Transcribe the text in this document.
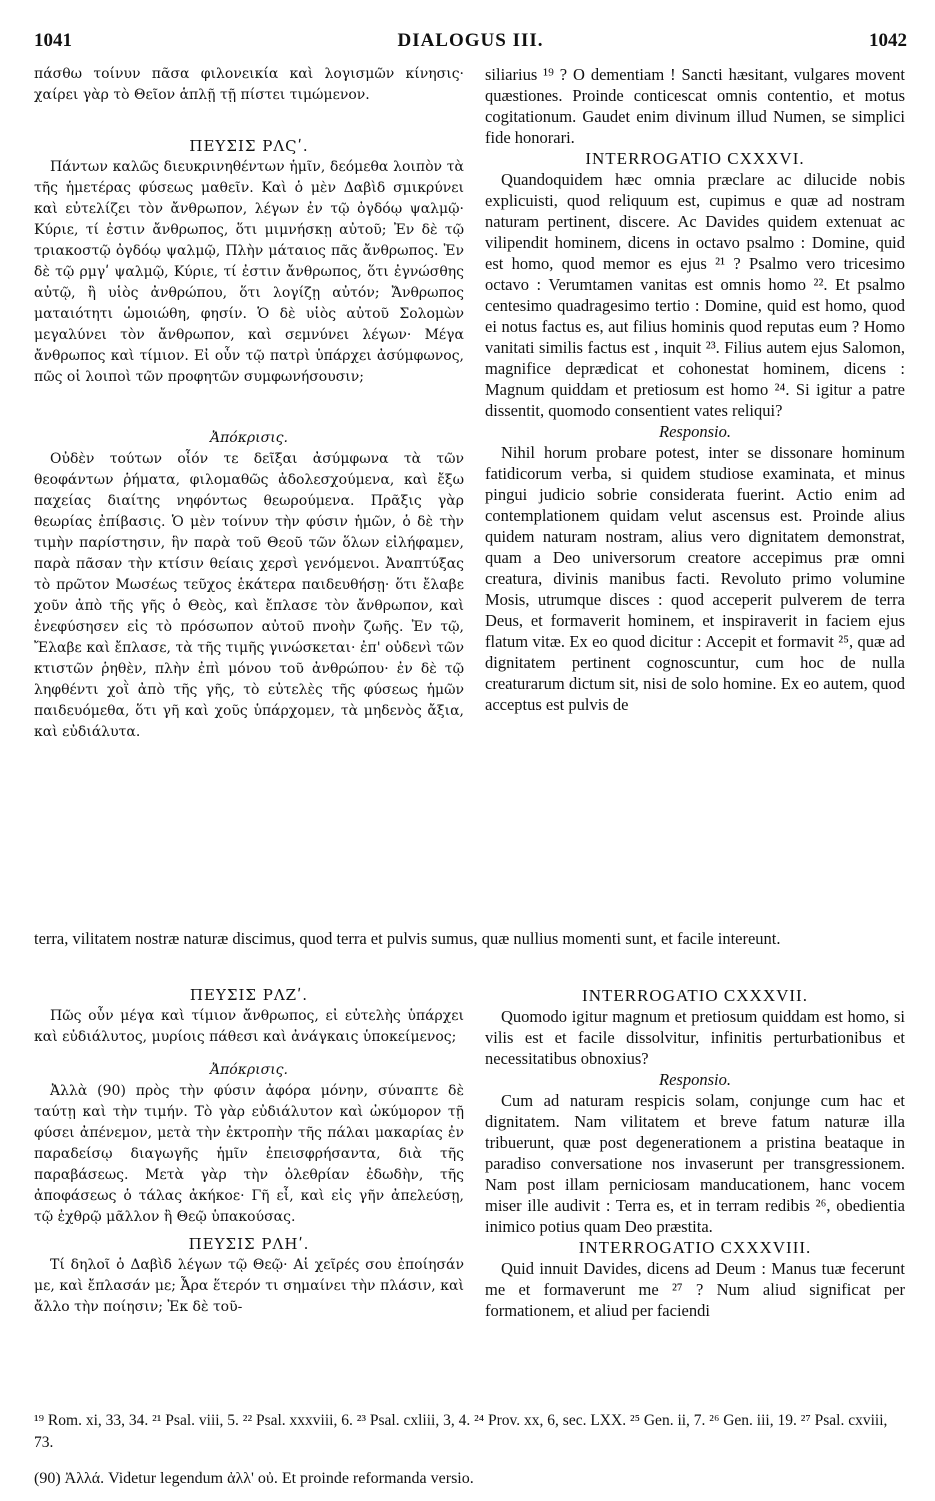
1041	DIALOGUS III.	1042

πάσθω τοίνυν πᾶσα φιλονεικία καὶ λογισμῶν κίνησις· χαίρει γὰρ τὸ Θεῖον ἁπλῇ τῇ πίστει τιμώμενον.

ΠΕΥΣΙΣ ΡΛϚʹ.

Πάντων καλῶς διευκρινηθέντων ἡμῖν, δεόμεθα λοιπὸν τὰ τῆς ἡμετέρας φύσεως μαθεῖν. Καὶ ὁ μὲν Δαβὶδ σμικρύνει καὶ εὐτελίζει τὸν ἄνθρωπον, λέγων ἐν τῷ ὀγδόῳ ψαλμῷ· Κύριε, τί ἐστιν ἄνθρωπος, ὅτι μιμνήσκῃ αὐτοῦ; Ἐν δὲ τῷ τριακοστῷ ὀγδόῳ ψαλμῷ, Πλὴν μάταιος πᾶς ἄνθρωπος. Ἐν δὲ τῷ ρμγʹ ψαλμῷ, Κύριε, τί ἐστιν ἄνθρωπος, ὅτι ἐγνώσθης αὐτῷ, ἢ υἱὸς ἀνθρώπου, ὅτι λογίζῃ αὐτόν; Ἄνθρωπος ματαιότητι ὡμοιώθη, φησίν. Ὁ δὲ υἱὸς αὐτοῦ Σολομὼν μεγαλύνει τὸν ἄνθρωπον, καὶ σεμνύνει λέγων· Μέγα ἄνθρωπος καὶ τίμιον. Εἰ οὖν τῷ πατρὶ ὑπάρχει ἀσύμφωνος, πῶς οἱ λοιποὶ τῶν προφητῶν συμφωνήσουσιν;

Ἀπόκρισις.

Οὐδὲν τούτων οἷόν τε δεῖξαι ἀσύμφωνα τὰ τῶν θεοφάντων ῥήματα, φιλομαθῶς ἀδολεσχούμενα, καὶ ἔξω παχείας διαίτης νηφόντως θεωρούμενα. Πρᾶξις γὰρ θεωρίας ἐπίβασις. Ὁ μὲν τοίνυν τὴν φύσιν ἡμῶν, ὁ δὲ τὴν τιμὴν παρίστησιν, ἣν παρὰ τοῦ Θεοῦ τῶν ὅλων εἰλήφαμεν, παρὰ πᾶσαν τὴν κτίσιν θείαις χερσὶ γενόμενοι. Ἀναπτύξας τὸ πρῶτον Μωσέως τεῦχος ἑκάτερα παιδευθήσῃ· ὅτι ἔλαβε χοῦν ἀπὸ τῆς γῆς ὁ Θεὸς, καὶ ἔπλασε τὸν ἄνθρωπον, καὶ ἐνεφύσησεν εἰς τὸ πρόσωπον αὐτοῦ πνοὴν ζωῆς. Ἐν τῷ, Ἔλαβε καὶ ἔπλασε, τὰ τῆς τιμῆς γινώσκεται· ἐπ' οὐδενὶ τῶν κτιστῶν ῥηθὲν, πλὴν ἐπὶ μόνου τοῦ ἀνθρώπου· ἐν δὲ τῷ ληφθέντι χοῒ ἀπὸ τῆς γῆς, τὸ εὐτελὲς τῆς φύσεως ἡμῶν παιδευόμεθα, ὅτι γῆ καὶ χοῦς ὑπάρχομεν, τὰ μηδενὸς ἄξια, καὶ εὐδιάλυτα.

siliarius ¹⁹ ? O dementiam ! Sancti hæsitant, vulgares movent quæstiones. Proinde conticescat omnis contentio, et motus cogitationum. Gaudet enim divinum illud Numen, se simplici fide honorari.

INTERROGATIO CXXXVI.

Quandoquidem hæc omnia præclare ac dilucide nobis explicuisti, quod reliquum est, cupimus e quæ ad nostram naturam pertinent, discere. Ac Davides quidem extenuat ac vilipendit hominem, dicens in octavo psalmo : Domine, quid est homo, quod memor es ejus ²¹ ? Psalmo vero tricesimo octavo : Verumtamen vanitas est omnis homo ²². Et psalmo centesimo quadragesimo tertio : Domine, quid est homo, quod ei notus factus es, aut filius hominis quod reputas eum ? Homo vanitati similis factus est , inquit ²³. Filius autem ejus Salomon, magnifice deprædicat et cohonestat hominem, dicens : Magnum quiddam et pretiosum est homo ²⁴. Si igitur a patre dissentit, quomodo consentient vates reliqui?

Responsio.

Nihil horum probare potest, inter se dissonare hominum fatidicorum verba, si quidem studiose examinata, et minus pingui judicio sobrie considerata fuerint. Actio enim ad contemplationem quidam velut ascensus est. Proinde alius quidem naturam nostram, alius vero dignitatem demonstrat, quam a Deo universorum creatore accepimus præ omni creatura, divinis manibus facti. Revoluto primo volumine Mosis, utrumque disces : quod acceperit pulverem de terra Deus, et formaverit hominem, et inspiraverit in faciem ejus flatum vitæ. Ex eo quod dicitur : Accepit et formavit ²⁵, quæ ad dignitatem pertinent cognoscuntur, cum hoc de nulla creaturarum dictum sit, nisi de solo homine. Ex eo autem, quod acceptus est pulvis de

terra, vilitatem nostræ naturæ discimus, quod terra et pulvis sumus, quæ nullius momenti sunt, et facile intereunt.

ΠΕΥΣΙΣ ΡΛΖʹ.

Πῶς οὖν μέγα καὶ τίμιον ἄνθρωπος, εἰ εὐτελὴς ὑπάρχει καὶ εὐδιάλυτος, μυρίοις πάθεσι καὶ ἀνάγκαις ὑποκείμενος;

Ἀπόκρισις.

Ἀλλὰ (90) πρὸς τὴν φύσιν ἀφόρα μόνην, σύναπτε δὲ ταύτῃ καὶ τὴν τιμήν. Τὸ γὰρ εὐδιάλυτον καὶ ὠκύμορον τῇ φύσει ἀπένεμον, μετὰ τὴν ἐκτροπὴν τῆς πάλαι μακαρίας ἐν παραδείσῳ διαγωγῆς ἡμῖν ἐπεισφρήσαντα, διὰ τῆς παραβάσεως. Μετὰ γὰρ τὴν ὀλεθρίαν ἐδωδὴν, τῆς ἀποφάσεως ὁ τάλας ἀκήκοε· Γῆ εἶ, καὶ εἰς γῆν ἀπελεύσῃ, τῷ ἐχθρῷ μᾶλλον ἢ Θεῷ ὑπακούσας.

ΠΕΥΣΙΣ ΡΛΗʹ.

Τί δηλοῖ ὁ Δαβὶδ λέγων τῷ Θεῷ· Αἱ χεῖρές σου ἐποίησάν με, καὶ ἔπλασάν με; Ἆρα ἕτερόν τι σημαίνει τὴν πλάσιν, καὶ ἄλλο τὴν ποίησιν; Ἐκ δὲ τοῦ-

INTERROGATIO CXXXVII.

Quomodo igitur magnum et pretiosum quiddam est homo, si vilis est et facile dissolvitur, infinitis perturbationibus et necessitatibus obnoxius?

Responsio.

Cum ad naturam respicis solam, conjunge cum hac et dignitatem. Nam vilitatem et breve fatum naturæ illa tribuerunt, quæ post degenerationem a pristina beataque in paradiso conversatione nos invaserunt per transgressionem. Nam post illam perniciosam manducationem, hanc vocem miser ille audivit : Terra es, et in terram redibis ²⁶, obedientia inimico potius quam Deo præstita.

INTERROGATIO CXXXVIII.

Quid innuit Davides, dicens ad Deum : Manus tuæ fecerunt me et formaverunt me ²⁷ ? Num aliud significat per formationem, et aliud per faciendi

¹⁹ Rom. xi, 33, 34. ²¹ Psal. viii, 5. ²² Psal. xxxviii, 6. ²³ Psal. cxliii, 3, 4. ²⁴ Prov. xx, 6, sec. LXX. ²⁵ Gen. ii, 7. ²⁶ Gen. iii, 19. ²⁷ Psal. cxviii, 73.
(90) Ἀλλά. Videtur legendum ἀλλ' οὐ. Et proinde reformanda versio.
